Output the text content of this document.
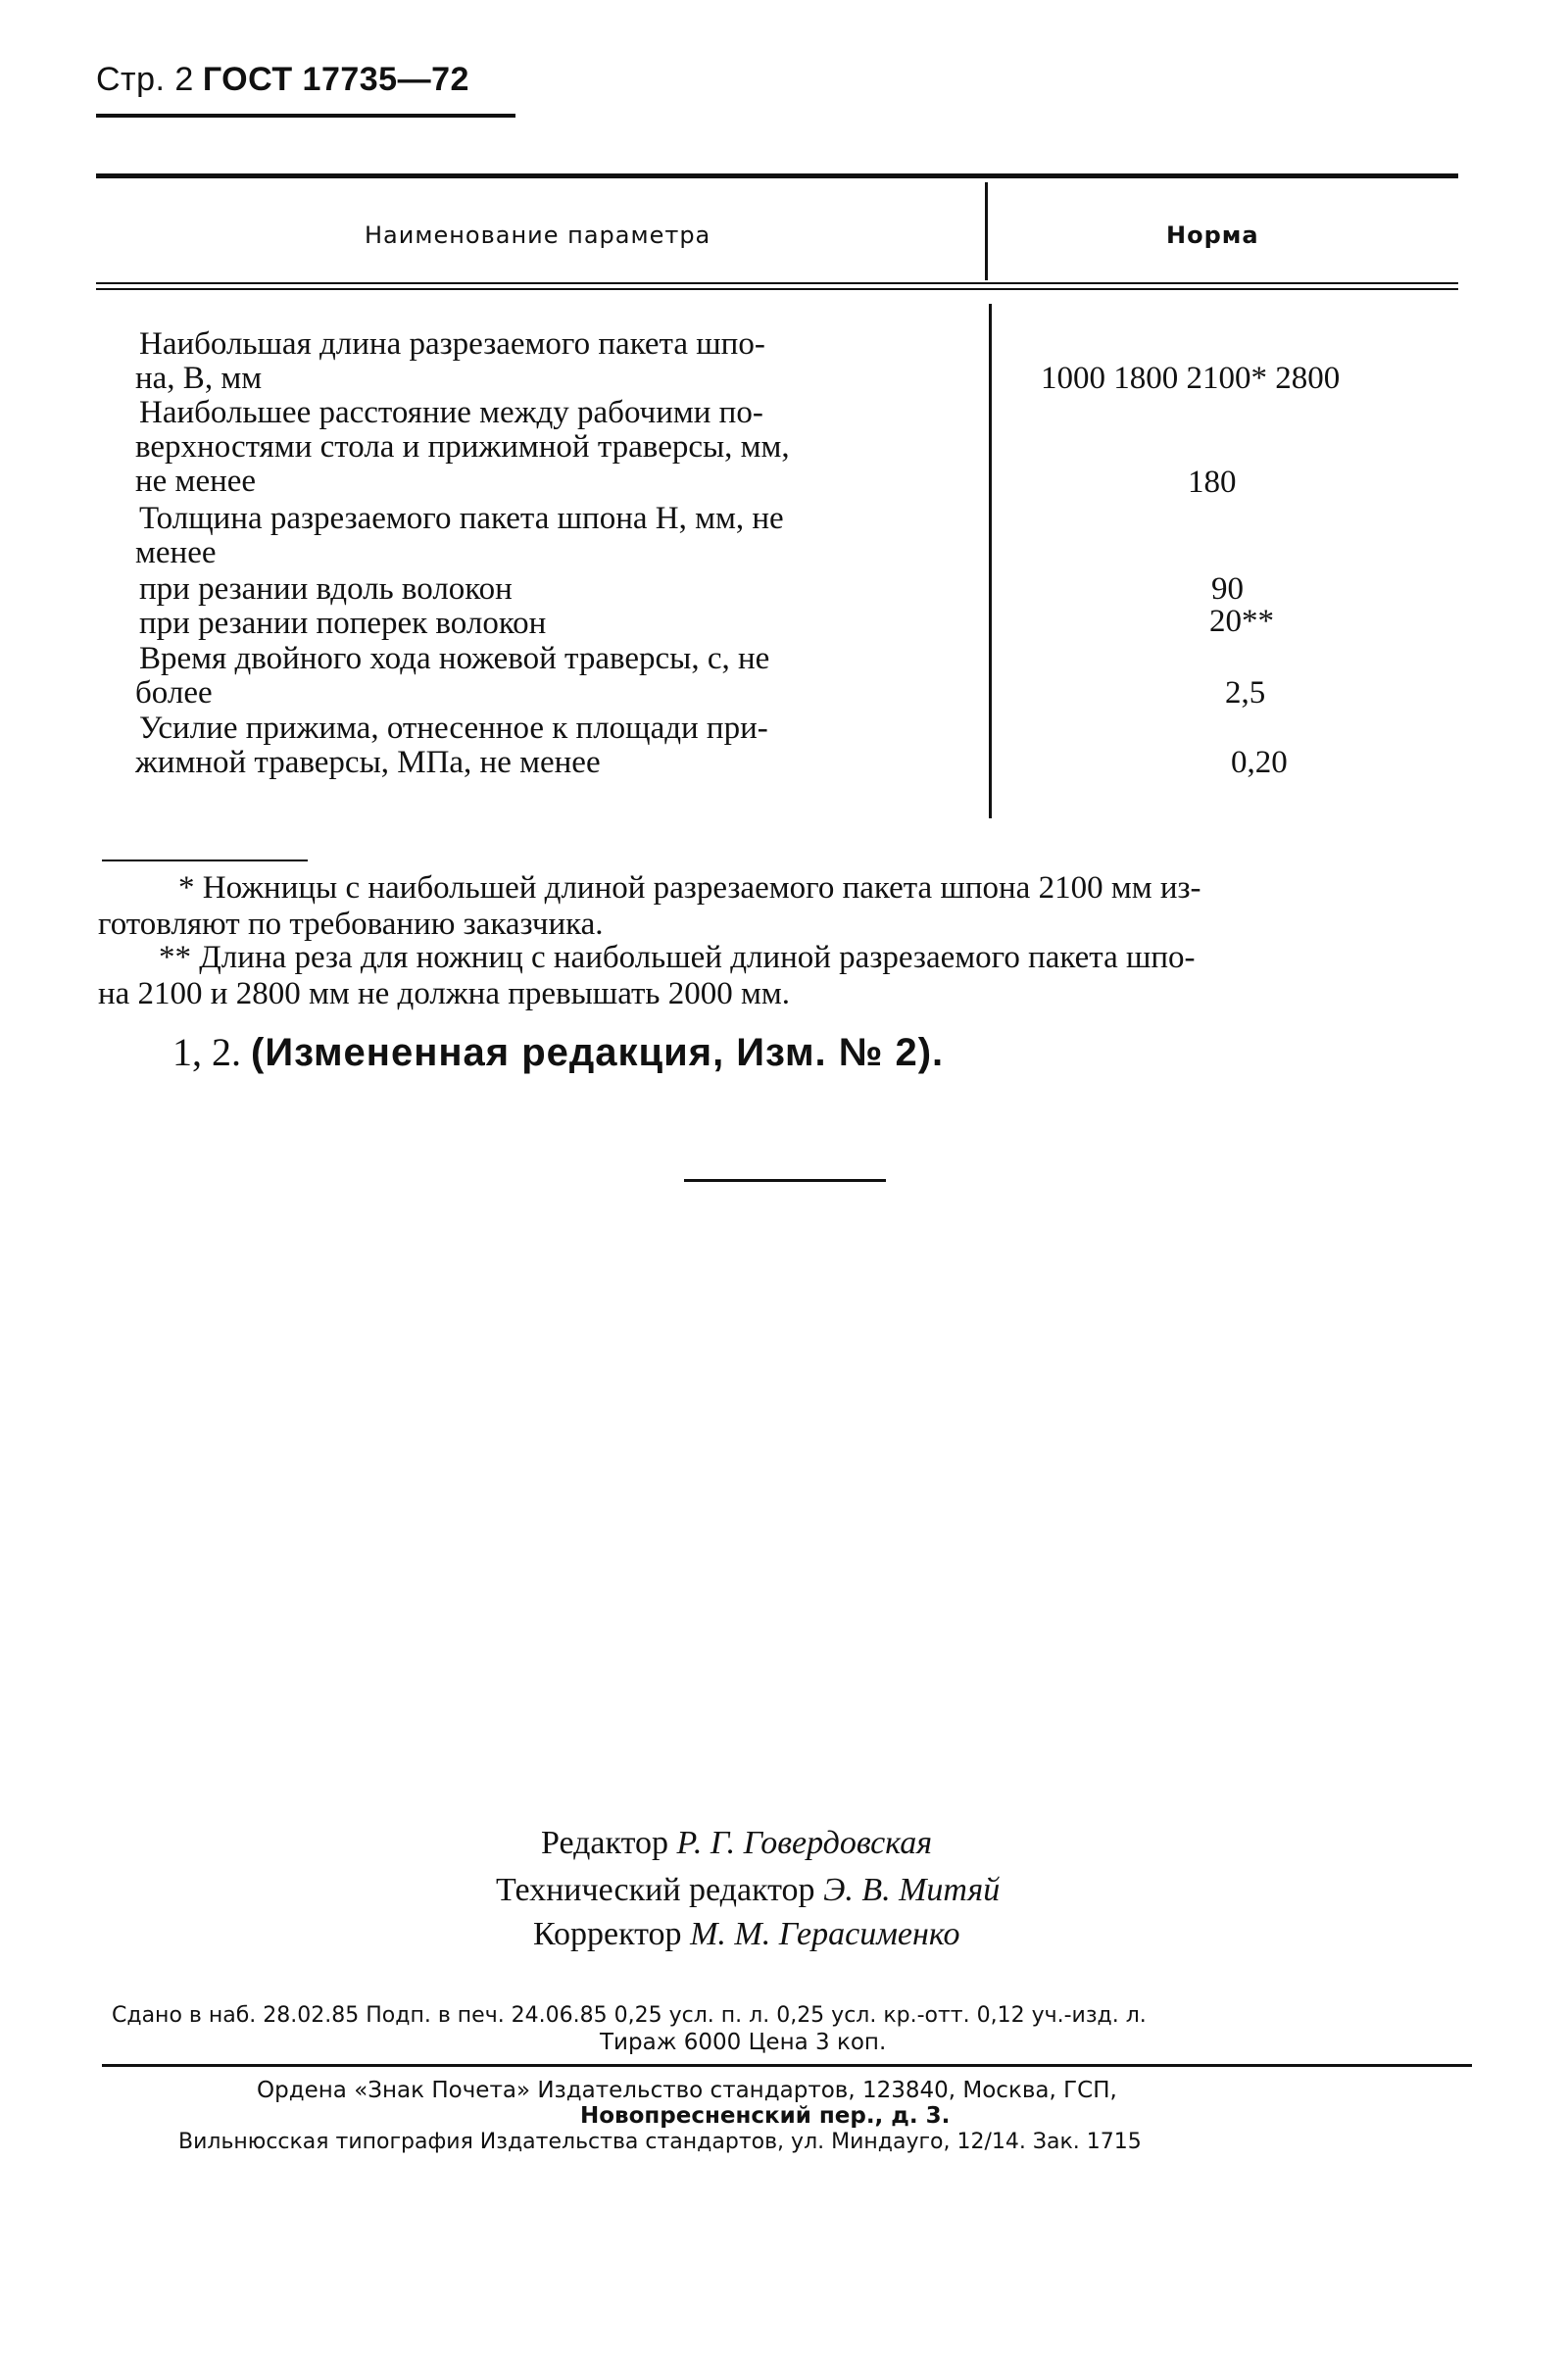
Стр. 2 ГОСТ 17735—72
Наименование параметра	Норма
Наибольшая длина разрезаемого пакета шпо-
на, В, мм	1000 1800 2100* 2800
Наибольшее расстояние между рабочими по-
верхностями стола и прижимной траверсы, мм,
не менее	180
Толщина разрезаемого пакета шпона Н, мм, не
менее
при резании вдоль волокон	90
при резании поперек волокон	20**
Время двойного хода ножевой траверсы, с, не
более	2,5
Усилие прижима, отнесенное к площади при-
жимной траверсы, МПа, не менее	0,20
* Ножницы с наибольшей длиной разрезаемого пакета шпона 2100 мм из-
готовляют по требованию заказчика.
** Длина реза для ножниц с наибольшей длиной разрезаемого пакета шпо-
на 2100 и 2800 мм не должна превышать 2000 мм.
1, 2. (Измененная редакция, Изм. № 2).
Редактор Р. Г. Говердовская
Технический редактор Э. В. Митяй
Корректор М. М. Герасименко
Сдано в наб. 28.02.85 Подп. в печ. 24.06.85 0,25 усл. п. л. 0,25 усл. кр.-отт. 0,12 уч.-изд. л.
Тираж 6000 Цена 3 коп.
Ордена «Знак Почета» Издательство стандартов, 123840, Москва, ГСП,
Новопресненский пер., д. 3.
Вильнюсская типография Издательства стандартов, ул. Миндауго, 12/14. Зак. 1715
